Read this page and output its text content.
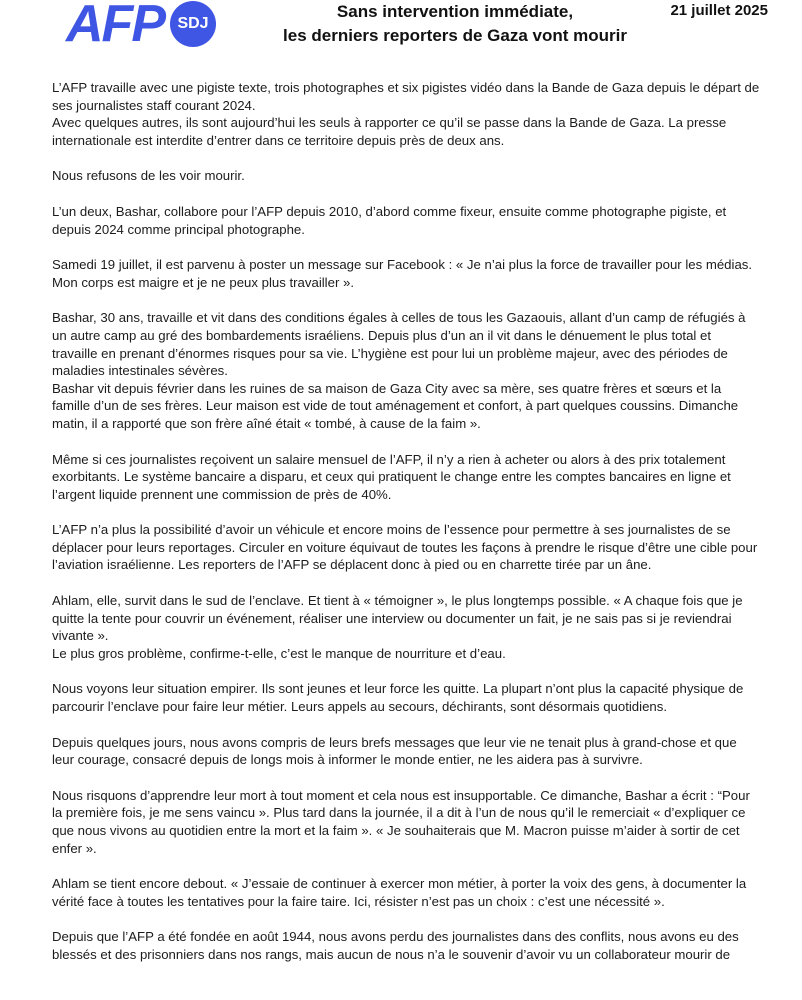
AFP SDJ
Sans intervention immédiate,
les derniers reporters de Gaza vont mourir
21 juillet 2025

L’AFP travaille avec une pigiste texte, trois photographes et six pigistes vidéo dans la Bande de Gaza depuis le départ de ses journalistes staff courant 2024.
Avec quelques autres, ils sont aujourd’hui les seuls à rapporter ce qu’il se passe dans la Bande de Gaza. La presse internationale est interdite d’entrer dans ce territoire depuis près de deux ans.

Nous refusons de les voir mourir.

L’un deux, Bashar, collabore pour l’AFP depuis 2010, d’abord comme fixeur, ensuite comme photographe pigiste, et depuis 2024 comme principal photographe.

Samedi 19 juillet, il est parvenu à poster un message sur Facebook : « Je n’ai plus la force de travailler pour les médias. Mon corps est maigre et je ne peux plus travailler ».

Bashar, 30 ans, travaille et vit dans des conditions égales à celles de tous les Gazaouis, allant d’un camp de réfugiés à un autre camp au gré des bombardements israéliens. Depuis plus d’un an il vit dans le dénuement le plus total et travaille en prenant d’énormes risques pour sa vie. L’hygiène est pour lui un problème majeur, avec des périodes de maladies intestinales sévères.
Bashar vit depuis février dans les ruines de sa maison de Gaza City avec sa mère, ses quatre frères et sœurs et la famille d’un de ses frères. Leur maison est vide de tout aménagement et confort, à part quelques coussins. Dimanche matin, il a rapporté que son frère aîné était « tombé, à cause de la faim ».

Même si ces journalistes reçoivent un salaire mensuel de l’AFP, il n’y a rien à acheter ou alors à des prix totalement exorbitants. Le système bancaire a disparu, et ceux qui pratiquent le change entre les comptes bancaires en ligne et l’argent liquide prennent une commission de près de 40%.

L’AFP n’a plus la possibilité d’avoir un véhicule et encore moins de l’essence pour permettre à ses journalistes de se déplacer pour leurs reportages. Circuler en voiture équivaut de toutes les façons à prendre le risque d’être une cible pour l’aviation israélienne. Les reporters de l’AFP se déplacent donc à pied ou en charrette tirée par un âne.

Ahlam, elle, survit dans le sud de l’enclave. Et tient à « témoigner », le plus longtemps possible. « A chaque fois que je quitte la tente pour couvrir un événement, réaliser une interview ou documenter un fait, je ne sais pas si je reviendrai vivante ».
Le plus gros problème, confirme-t-elle, c’est le manque de nourriture et d’eau.

Nous voyons leur situation empirer. Ils sont jeunes et leur force les quitte. La plupart n’ont plus la capacité physique de parcourir l’enclave pour faire leur métier. Leurs appels au secours, déchirants, sont désormais quotidiens.

Depuis quelques jours, nous avons compris de leurs brefs messages que leur vie ne tenait plus à grand-chose et que leur courage, consacré depuis de longs mois à informer le monde entier, ne les aidera pas à survivre.

Nous risquons d’apprendre leur mort à tout moment et cela nous est insupportable. Ce dimanche, Bashar a écrit : “Pour la première fois, je me sens vaincu ». Plus tard dans la journée, il a dit à l’un de nous qu’il le remerciait « d’expliquer ce que nous vivons au quotidien entre la mort et la faim ». « Je souhaiterais que M. Macron puisse m’aider à sortir de cet enfer ».

Ahlam se tient encore debout. « J’essaie de continuer à exercer mon métier, à porter la voix des gens, à documenter la vérité face à toutes les tentatives pour la faire taire. Ici, résister n’est pas un choix : c’est une nécessité ».

Depuis que l’AFP a été fondée en août 1944, nous avons perdu des journalistes dans des conflits, nous avons eu des blessés et des prisonniers dans nos rangs, mais aucun de nous n’a le souvenir d’avoir vu un collaborateur mourir de
